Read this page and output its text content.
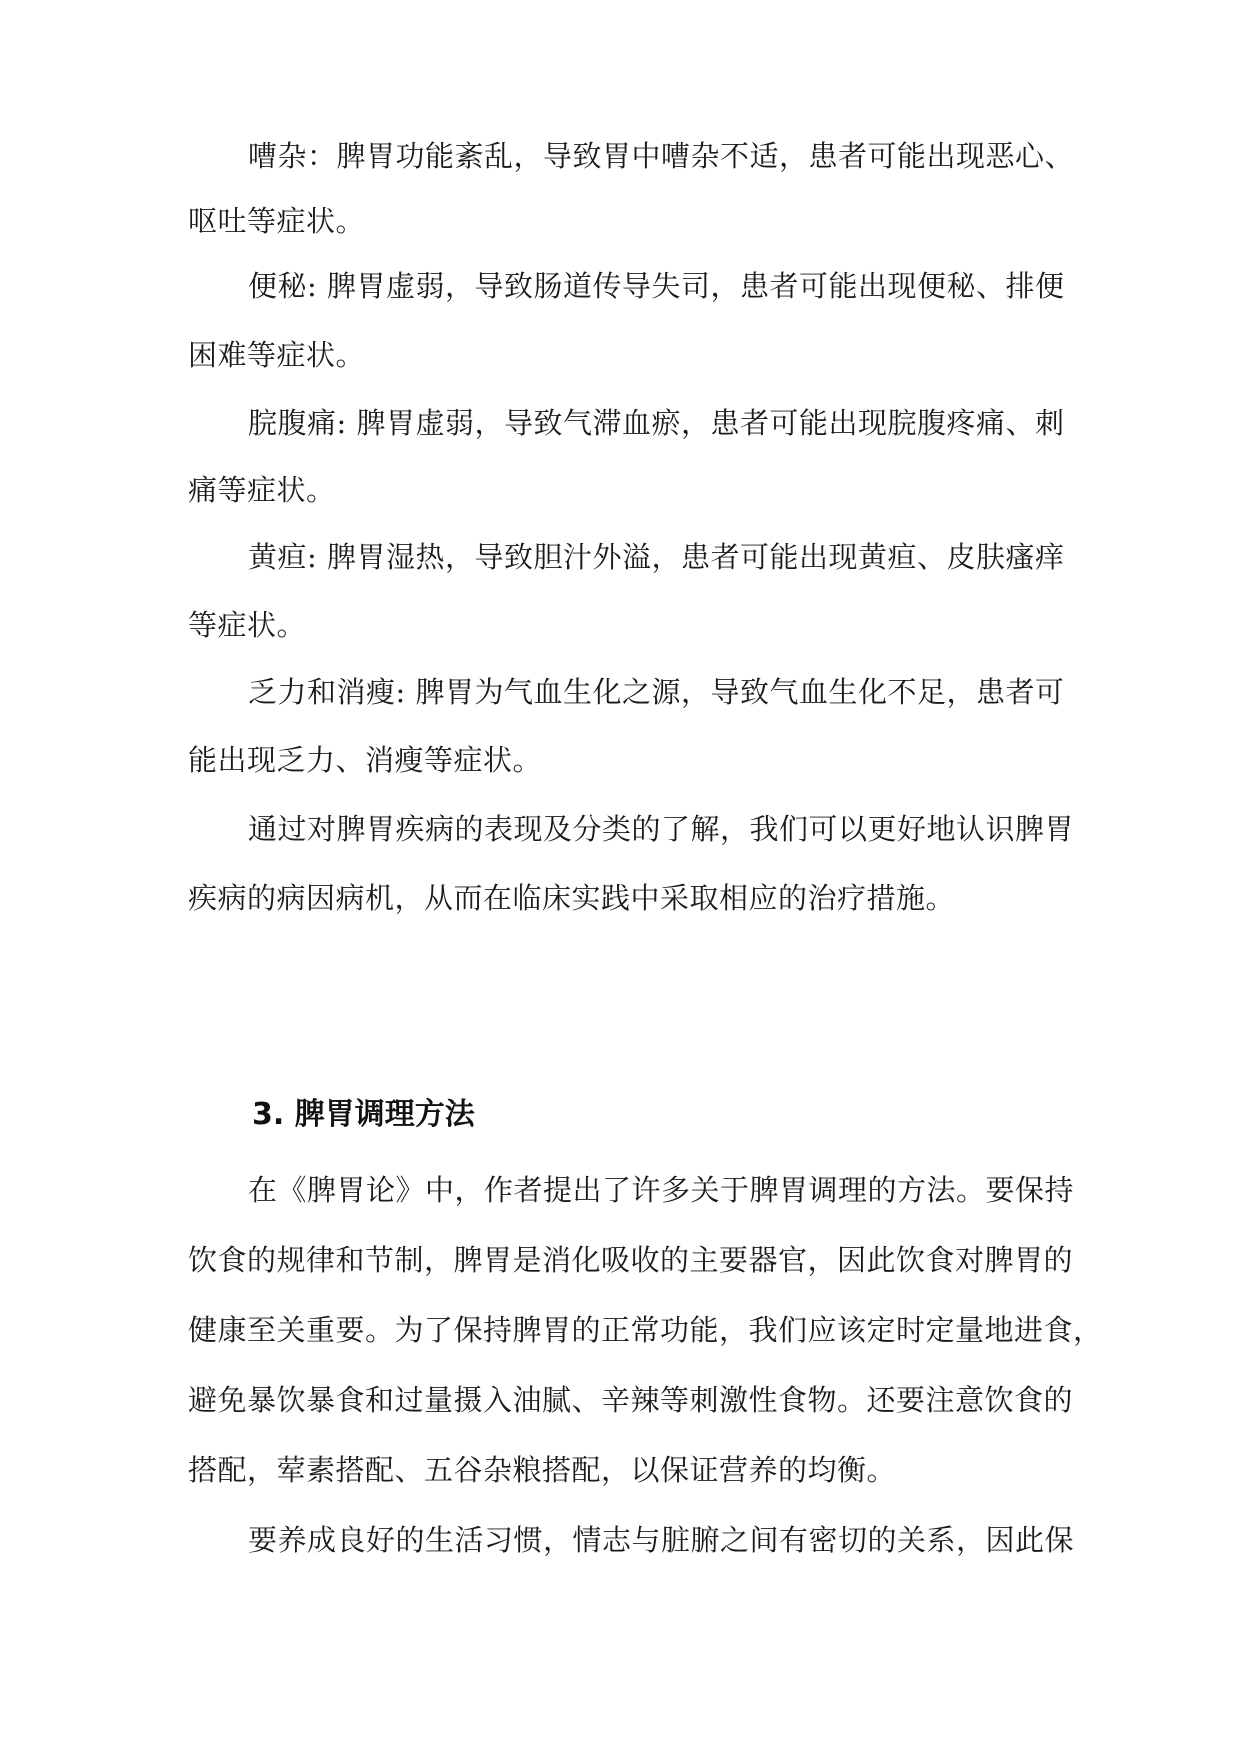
嘈杂：脾胃功能紊乱，导致胃中嘈杂不适，患者可能出现恶心、
呕吐等症状。
便秘: 脾胃虚弱，导致肠道传导失司，患者可能出现便秘、排便
困难等症状。
脘腹痛: 脾胃虚弱，导致气滞血瘀，患者可能出现脘腹疼痛、刺
痛等症状。
黄疸: 脾胃湿热，导致胆汁外溢，患者可能出现黄疸、皮肤瘙痒
等症状。
乏力和消瘦: 脾胃为气血生化之源，导致气血生化不足，患者可
能出现乏力、消瘦等症状。
通过对脾胃疾病的表现及分类的了解，我们可以更好地认识脾胃
疾病的病因病机，从而在临床实践中采取相应的治疗措施。
3. 脾胃调理方法
在《脾胃论》中，作者提出了许多关于脾胃调理的方法。要保持
饮食的规律和节制，脾胃是消化吸收的主要器官，因此饮食对脾胃的
健康至关重要。为了保持脾胃的正常功能，我们应该定时定量地进食，
避免暴饮暴食和过量摄入油腻、辛辣等刺激性食物。还要注意饮食的
搭配，荤素搭配、五谷杂粮搭配，以保证营养的均衡。
要养成良好的生活习惯，情志与脏腑之间有密切的关系，因此保
